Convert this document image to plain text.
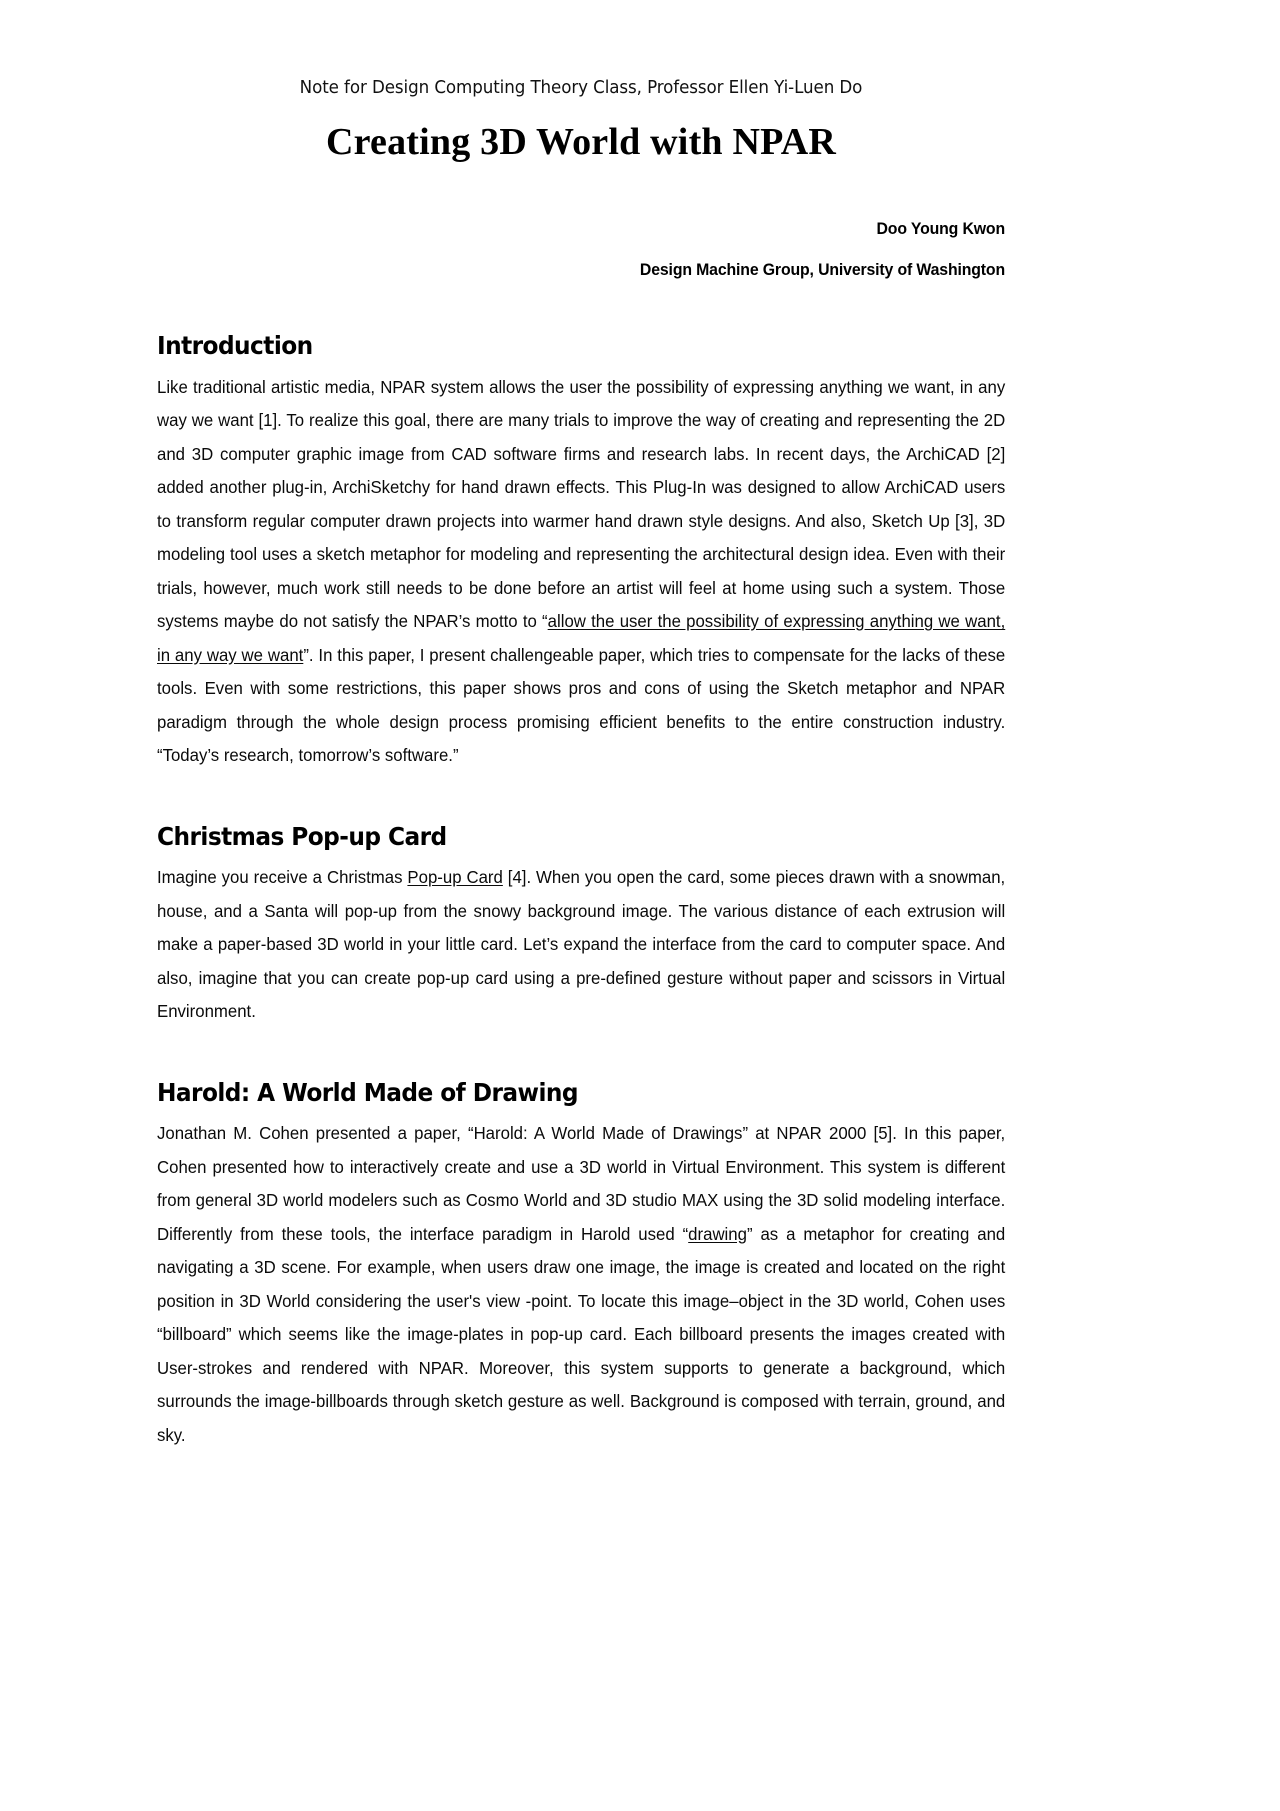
Note for Design Computing Theory Class, Professor Ellen Yi-Luen Do
Creating 3D World with NPAR
Doo Young Kwon
Design Machine Group, University of Washington
Introduction

Like traditional artistic media, NPAR system allows the user the possibility of expressing anything we want, in any way we want [1]. To realize this goal, there are many trials to improve the way of creating and representing the 2D and 3D computer graphic image from CAD software firms and research labs. In recent days, the ArchiCAD [2] added another plug-in, ArchiSketchy for hand drawn effects. This Plug-In was designed to allow ArchiCAD users to transform regular computer drawn projects into warmer hand drawn style designs. And also, Sketch Up [3], 3D modeling tool uses a sketch metaphor for modeling and representing the architectural design idea. Even with their trials, however, much work still needs to be done before an artist will feel at home using such a system. Those systems maybe do not satisfy the NPAR’s motto to “allow the user the possibility of expressing anything we want, in any way we want”. In this paper, I present challengeable paper, which tries to compensate for the lacks of these tools. Even with some restrictions, this paper shows pros and cons of using the Sketch metaphor and NPAR paradigm through the whole design process promising efficient benefits to the entire construction industry. “Today’s research, tomorrow’s software.”

Christmas Pop-up Card

Imagine you receive a Christmas Pop-up Card [4]. When you open the card, some pieces drawn with a snowman, house, and a Santa will pop-up from the snowy background image. The various distance of each extrusion will make a paper-based 3D world in your little card. Let’s expand the interface from the card to computer space. And also, imagine that you can create pop-up card using a pre-defined gesture without paper and scissors in Virtual Environment.

Harold: A World Made of Drawing

Jonathan M. Cohen presented a paper, “Harold: A World Made of Drawings” at NPAR 2000 [5]. In this paper, Cohen presented how to interactively create and use a 3D world in Virtual Environment. This system is different from general 3D world modelers such as Cosmo World and 3D studio MAX using the 3D solid modeling interface. Differently from these tools, the interface paradigm in Harold used “drawing” as a metaphor for creating and navigating a 3D scene. For example, when users draw one image, the image is created and located on the right position in 3D World considering the user's view -point. To locate this image–object in the 3D world, Cohen uses “billboard” which seems like the image-plates in pop-up card. Each billboard presents the images created with User-strokes and rendered with NPAR. Moreover, this system supports to generate a background, which surrounds the image-billboards through sketch gesture as well. Background is composed with terrain, ground, and sky.
